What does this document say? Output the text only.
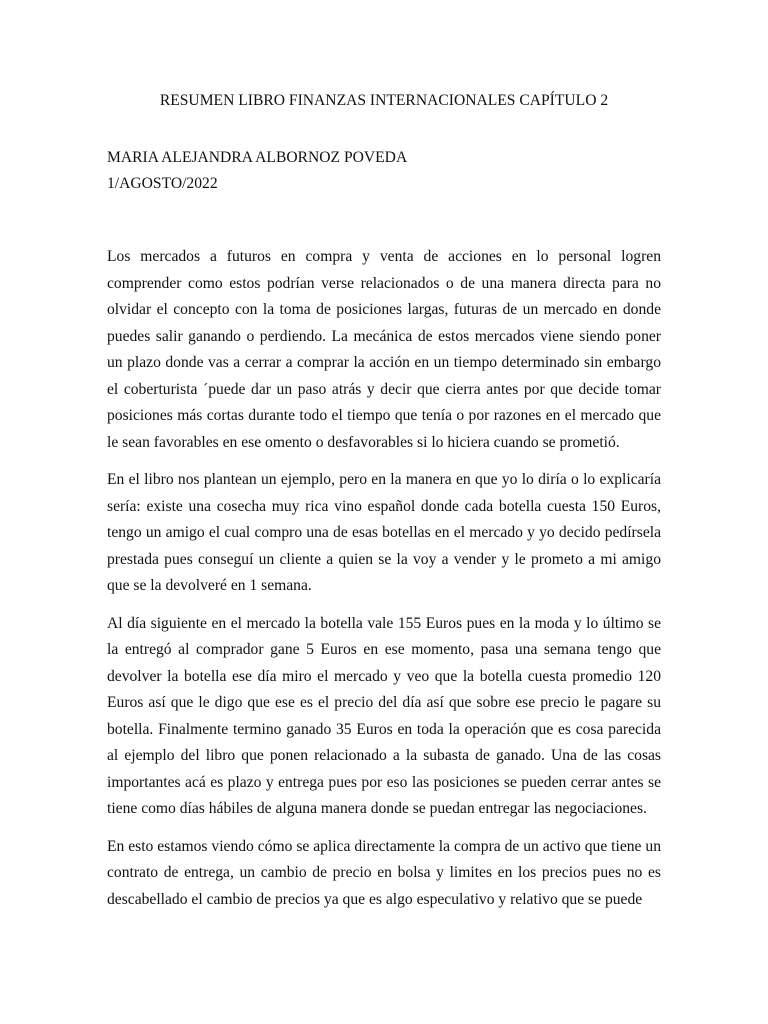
RESUMEN LIBRO FINANZAS INTERNACIONALES CAPÍTULO 2

MARIA ALEJANDRA ALBORNOZ POVEDA

1/AGOSTO/2022

Los mercados a futuros en compra y venta de acciones en lo personal logren comprender como estos podrían verse relacionados o de una manera directa para no olvidar el concepto con la toma de posiciones largas, futuras de un mercado en donde puedes salir ganando o perdiendo. La mecánica de estos mercados viene siendo poner un plazo donde vas a cerrar a comprar la acción en un tiempo determinado sin embargo el coberturista ´puede dar un paso atrás y decir que cierra antes por que decide tomar posiciones más cortas durante todo el tiempo que tenía o por razones en el mercado que le sean favorables en ese omento o desfavorables si lo hiciera cuando se prometió.

En el libro nos plantean un ejemplo, pero en la manera en que yo lo diría o lo explicaría sería: existe una cosecha muy rica vino español donde cada botella cuesta 150 Euros, tengo un amigo el cual compro una de esas botellas en el mercado y yo decido pedírsela prestada pues conseguí un cliente a quien se la voy a vender y le prometo a mi amigo que se la devolveré en 1 semana.

Al día siguiente en el mercado la botella vale 155 Euros pues en la moda y lo último se la entregó al comprador gane 5 Euros en ese momento, pasa una semana tengo que devolver la botella ese día miro el mercado y veo que la botella cuesta promedio 120 Euros así que le digo que ese es el precio del día así que sobre ese precio le pagare su botella. Finalmente termino ganado 35 Euros en toda la operación que es cosa parecida al ejemplo del libro que ponen relacionado a la subasta de ganado. Una de las cosas importantes acá es plazo y entrega pues por eso las posiciones se pueden cerrar antes se tiene como días hábiles de alguna manera donde se puedan entregar las negociaciones.

En esto estamos viendo cómo se aplica directamente la compra de un activo que tiene un contrato de entrega, un cambio de precio en bolsa y limites en los precios pues no es descabellado el cambio de precios ya que es algo especulativo y relativo que se puede
